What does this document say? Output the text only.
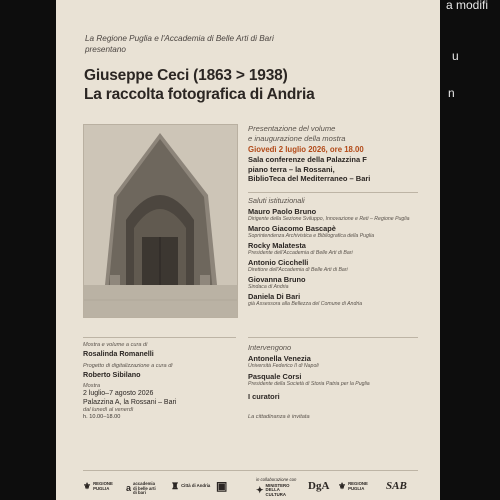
a modifi
u
n
La Regione Puglia e l'Accademia di Belle Arti di Bari
presentano
Giuseppe Ceci (1863 > 1938)
La raccolta fotografica di Andria
Presentazione del volume
e inaugurazione della mostra
Giovedì 2 luglio 2026, ore 18.00
Sala conferenze della Palazzina F
piano terra – la Rossani,
BiblioTeca del Mediterraneo – Bari
Saluti istituzionali
Mauro Paolo Bruno
Dirigente della Sezione Sviluppo, Innovazione e Reti – Regione Puglia
Marco Giacomo Bascapè
Soprintendenza Archivistica e Bibliografica della Puglia
Rocky Malatesta
Presidente dell'Accademia di Belle Arti di Bari
Antonio Cicchelli
Direttore dell'Accademia di Belle Arti di Bari
Giovanna Bruno
Sindaca di Andria
Daniela Di Bari
già Assessora alla Bellezza del Comune di Andria
Mostra e volume a cura di
Rosalinda Romanelli
Progetto di digitalizzazione a cura di
Roberto Sibilano
Mostra
2 luglio–7 agosto 2026
Palazzina A, la Rossani – Bari
dal lunedì al venerdì
h. 10.00–18.00
Intervengono
Antonella Venezia
Università Federico II di Napoli
Pasquale Corsi
Presidente della Società di Storia Patria per la Puglia
I curatori
La cittadinanza è invitata
⚜ REGIONE
PUGLIA	a accademia
di belle arti
di bari
♜ Città di Andria ▣	in collaborazione con
✦ MINISTERO
DELLA
CULTURA
DgA ⚜ REGIONE
PUGLIA	SAB
